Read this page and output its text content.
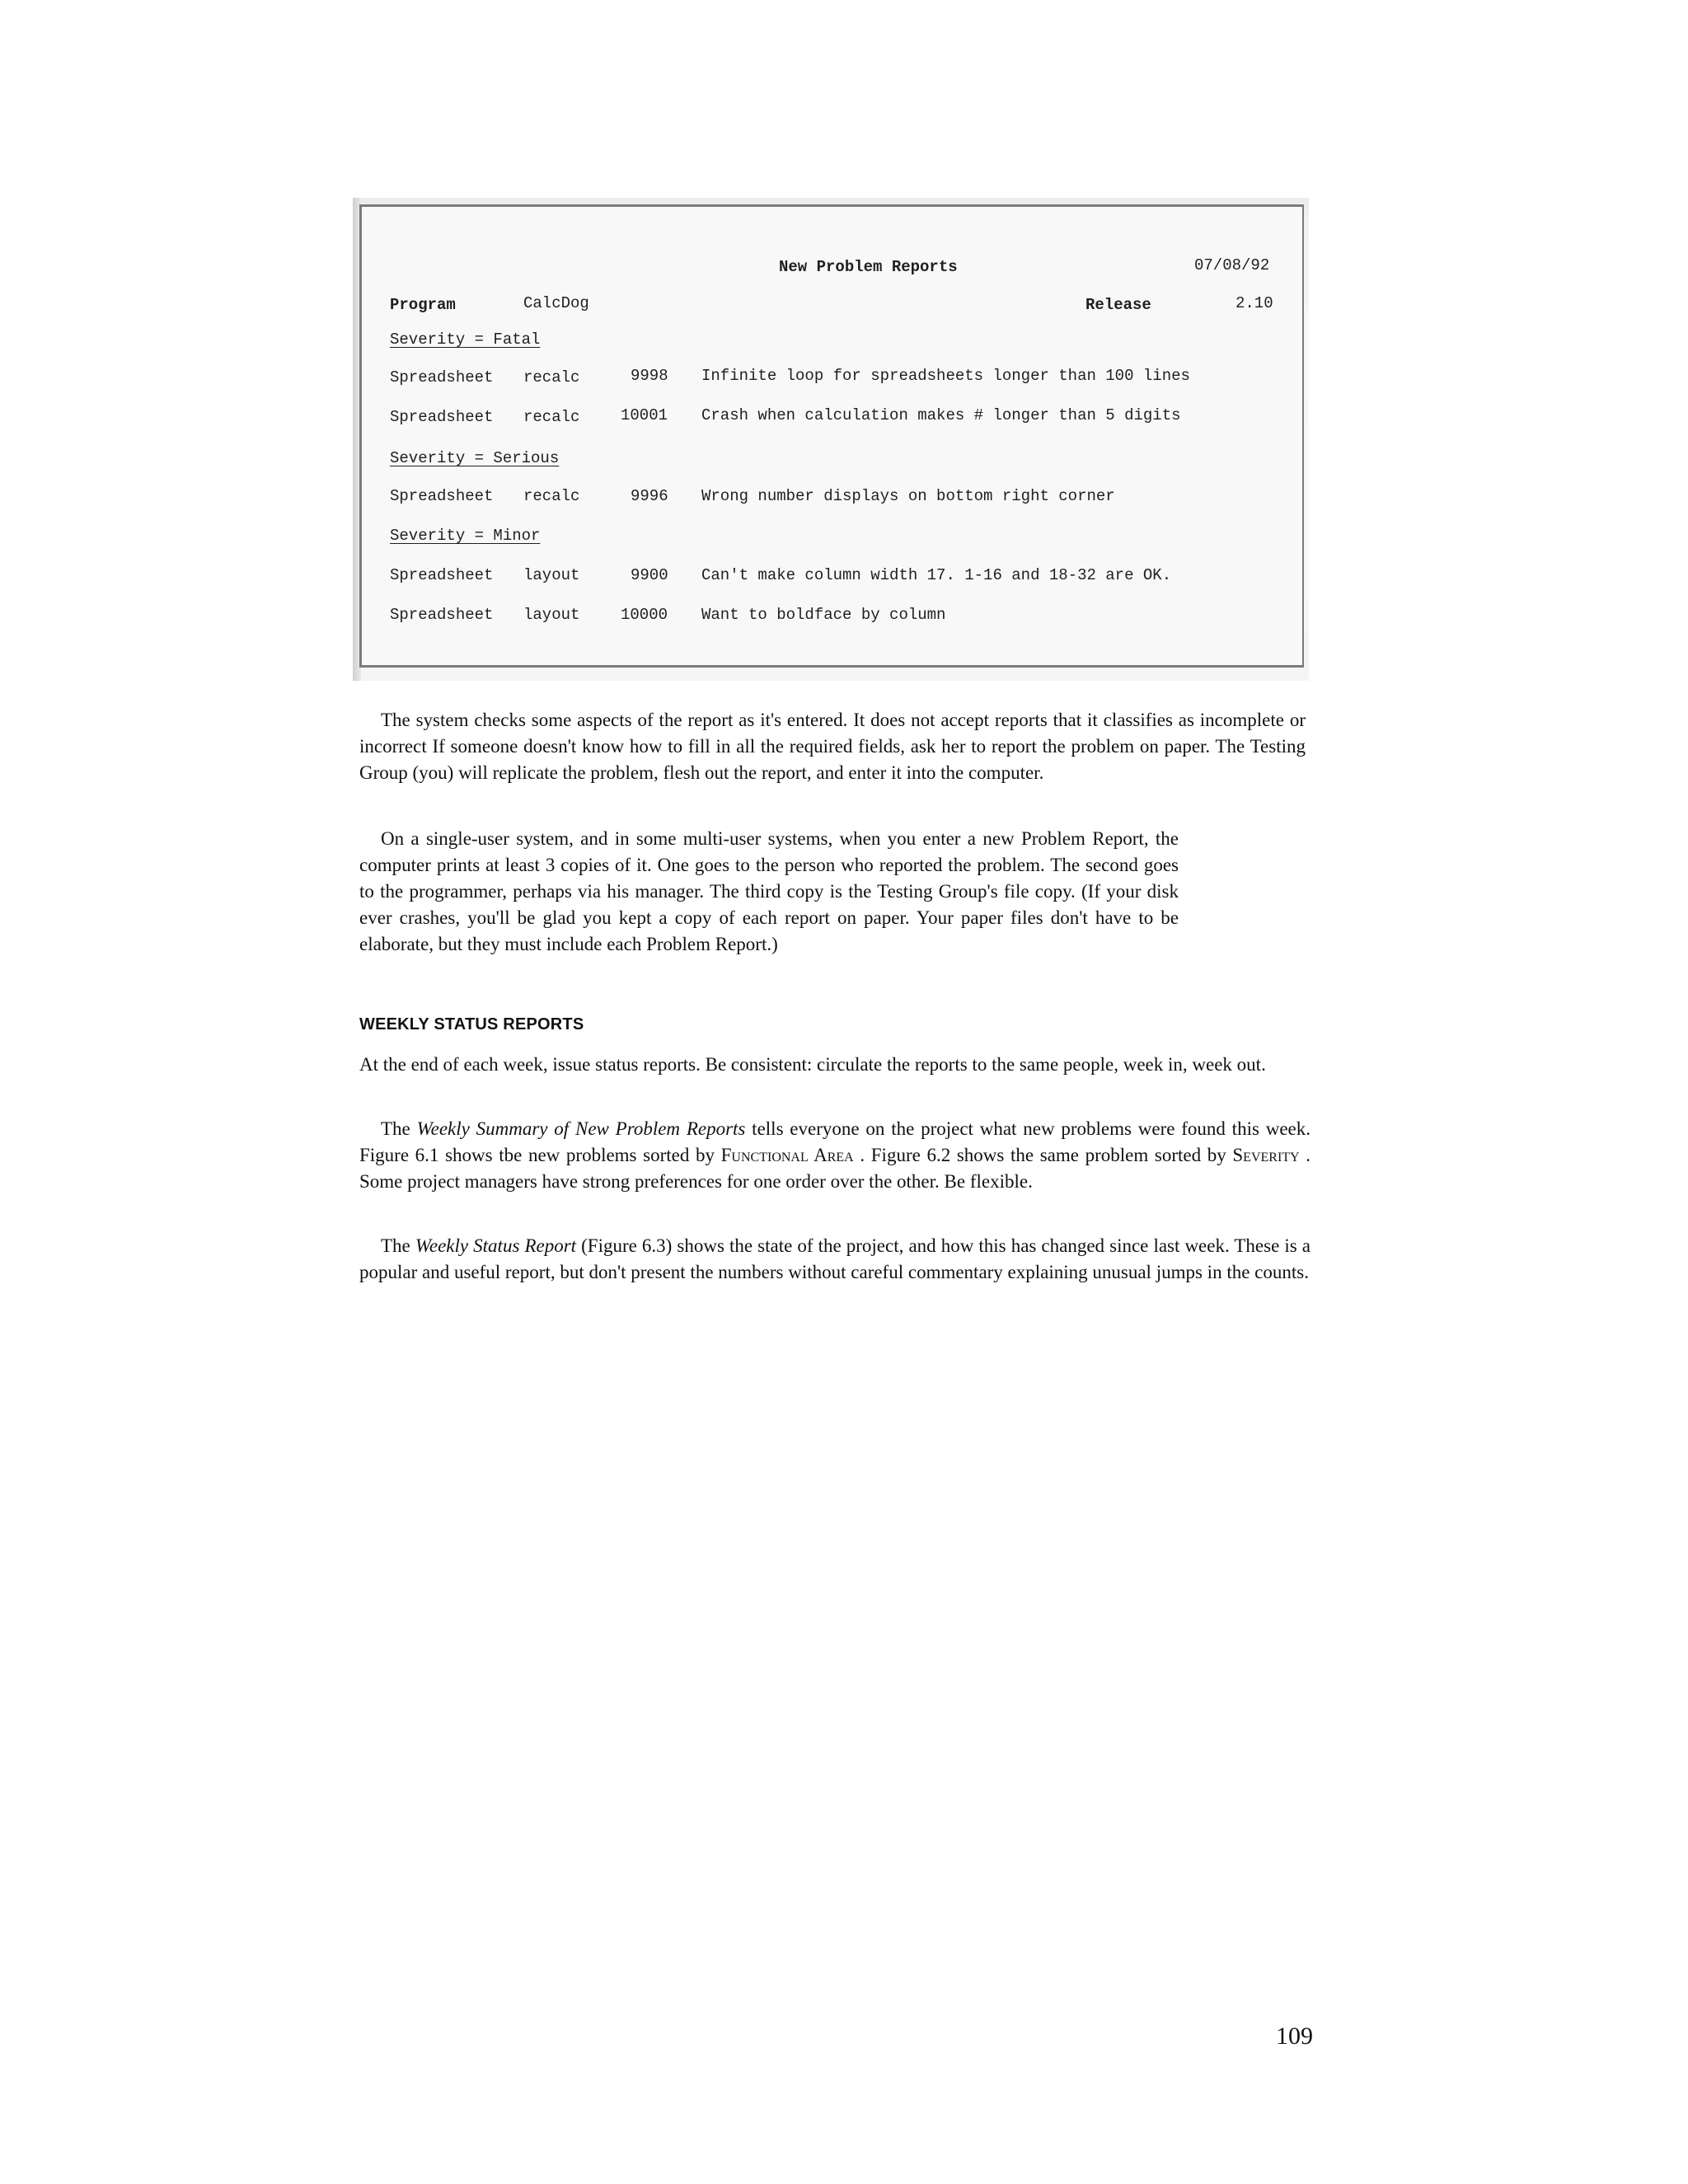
New Problem Reports	07/08/92
Program	CalcDog	Release	2.10
Severity = Fatal
Spreadsheet recalc	9998 Infinite loop for spreadsheets longer than 100 lines
Spreadsheet recalc	10001 Crash when calculation makes # longer than 5 digits
Severity = Serious
Spreadsheet recalc	9996 Wrong number displays on bottom right corner
Severity = Minor
Spreadsheet layout	9900 Can't make column width 17. 1-16 and 18-32 are OK.
Spreadsheet layout	10000 Want to boldface by column

The system checks some aspects of the report as it's entered. It does not accept reports that it classifies as incomplete or incorrect If someone doesn't know how to fill in all the required fields, ask her to report the problem on paper. The Testing Group (you) will replicate the problem, flesh out the report, and enter it into the computer.

On a single-user system, and in some multi-user systems, when you enter a new Problem Report, the computer prints at least 3 copies of it. One goes to the person who reported the problem. The second goes to the programmer, perhaps via his manager. The third copy is the Testing Group's file copy. (If your disk ever crashes, you'll be glad you kept a copy of each report on paper. Your paper files don't have to be elaborate, but they must include each Problem Report.)

WEEKLY STATUS REPORTS

At the end of each week, issue status reports. Be consistent: circulate the reports to the same people, week in, week out.

The Weekly Summary of New Problem Reports tells everyone on the project what new problems were found this week. Figure 6.1 shows tbe new problems sorted by Functional Area . Figure 6.2 shows the same problem sorted by Severity . Some project managers have strong preferences for one order over the other. Be flexible.

The Weekly Status Report (Figure 6.3) shows the state of the project, and how this has changed since last week. These is a popular and useful report, but don't present the numbers without careful commentary explaining unusual jumps in the counts.

109
